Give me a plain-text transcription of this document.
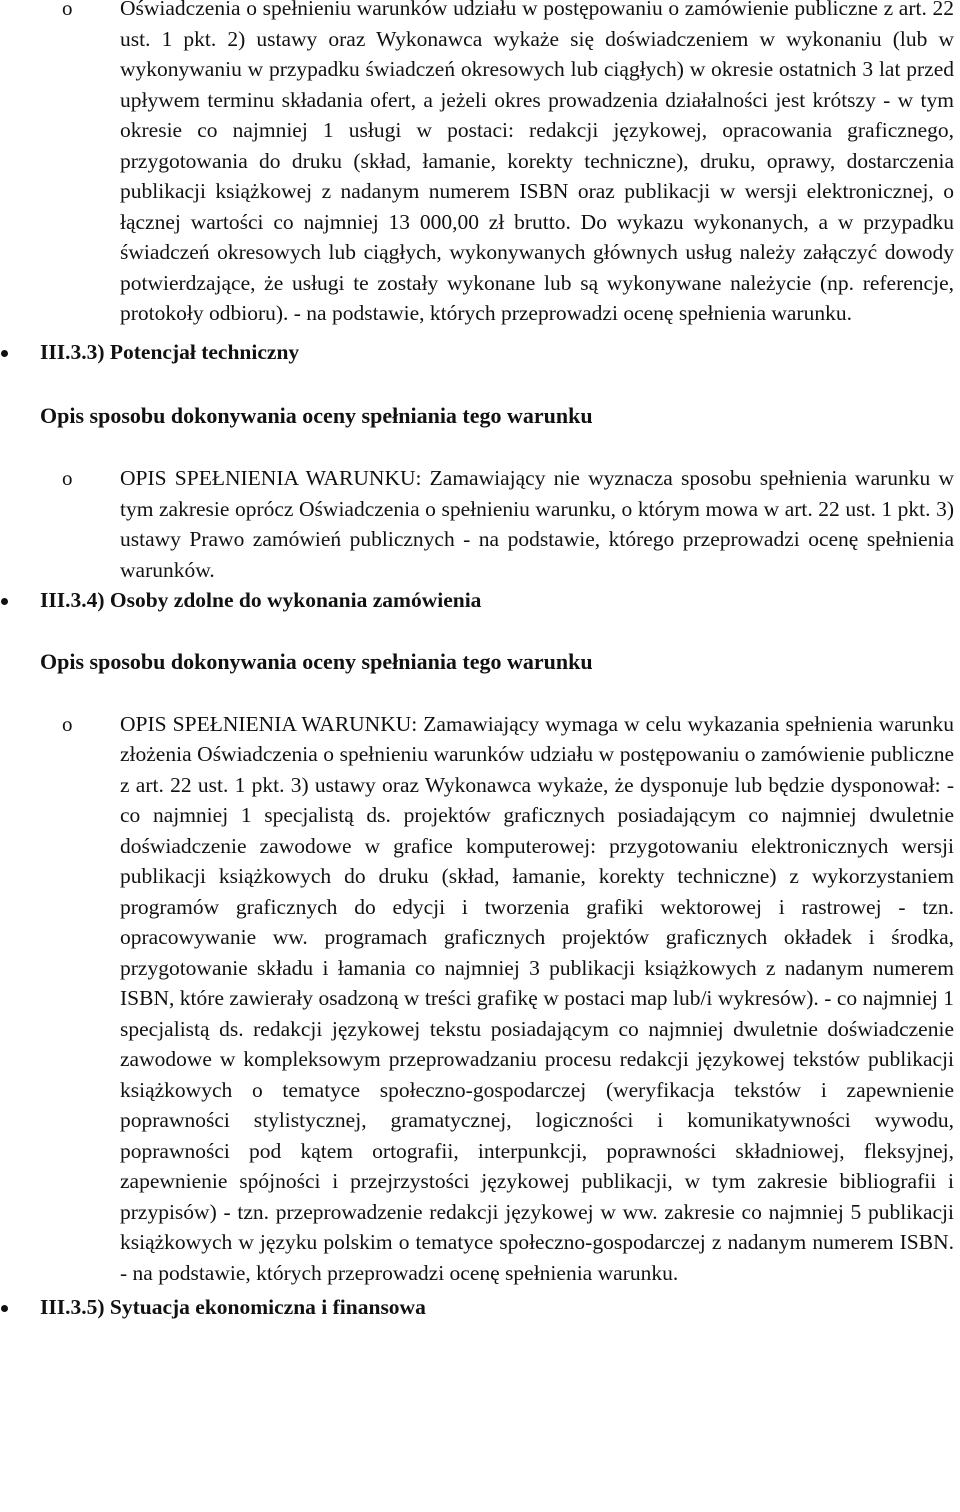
o Oświadczenia o spełnieniu warunków udziału w postępowaniu o zamówienie publiczne z art. 22 ust. 1 pkt. 2) ustawy oraz Wykonawca wykaże się doświadczeniem w wykonaniu (lub w wykonywaniu w przypadku świadczeń okresowych lub ciągłych) w okresie ostatnich 3 lat przed upływem terminu składania ofert, a jeżeli okres prowadzenia działalności jest krótszy - w tym okresie co najmniej 1 usługi w postaci: redakcji językowej, opracowania graficznego, przygotowania do druku (skład, łamanie, korekty techniczne), druku, oprawy, dostarczenia publikacji książkowej z nadanym numerem ISBN oraz publikacji w wersji elektronicznej, o łącznej wartości co najmniej 13 000,00 zł brutto. Do wykazu wykonanych, a w przypadku świadczeń okresowych lub ciągłych, wykonywanych głównych usług należy załączyć dowody potwierdzające, że usługi te zostały wykonane lub są wykonywane należycie (np. referencje, protokoły odbioru). - na podstawie, których przeprowadzi ocenę spełnienia warunku.
III.3.3) Potencjał techniczny
Opis sposobu dokonywania oceny spełniania tego warunku
o OPIS SPEŁNIENIA WARUNKU: Zamawiający nie wyznacza sposobu spełnienia warunku w tym zakresie oprócz Oświadczenia o spełnieniu warunku, o którym mowa w art. 22 ust. 1 pkt. 3) ustawy Prawo zamówień publicznych - na podstawie, którego przeprowadzi ocenę spełnienia warunków.
III.3.4) Osoby zdolne do wykonania zamówienia
Opis sposobu dokonywania oceny spełniania tego warunku
o OPIS SPEŁNIENIA WARUNKU: Zamawiający wymaga w celu wykazania spełnienia warunku złożenia Oświadczenia o spełnieniu warunków udziału w postępowaniu o zamówienie publiczne z art. 22 ust. 1 pkt. 3) ustawy oraz Wykonawca wykaże, że dysponuje lub będzie dysponował: - co najmniej 1 specjalistą ds. projektów graficznych posiadającym co najmniej dwuletnie doświadczenie zawodowe w grafice komputerowej: przygotowaniu elektronicznych wersji publikacji książkowych do druku (skład, łamanie, korekty techniczne) z wykorzystaniem programów graficznych do edycji i tworzenia grafiki wektorowej i rastrowej - tzn. opracowywanie ww. programach graficznych projektów graficznych okładek i środka, przygotowanie składu i łamania co najmniej 3 publikacji książkowych z nadanym numerem ISBN, które zawierały osadzoną w treści grafikę w postaci map lub/i wykresów). - co najmniej 1 specjalistą ds. redakcji językowej tekstu posiadającym co najmniej dwuletnie doświadczenie zawodowe w kompleksowym przeprowadzaniu procesu redakcji językowej tekstów publikacji książkowych o tematyce społeczno-gospodarczej (weryfikacja tekstów i zapewnienie poprawności stylistycznej, gramatycznej, logiczności i komunikatywności wywodu, poprawności pod kątem ortografii, interpunkcji, poprawności składniowej, fleksyjnej, zapewnienie spójności i przejrzystości językowej publikacji, w tym zakresie bibliografii i przypisów) - tzn. przeprowadzenie redakcji językowej w ww. zakresie co najmniej 5 publikacji książkowych w języku polskim o tematyce społeczno-gospodarczej z nadanym numerem ISBN. - na podstawie, których przeprowadzi ocenę spełnienia warunku.
III.3.5) Sytuacja ekonomiczna i finansowa
